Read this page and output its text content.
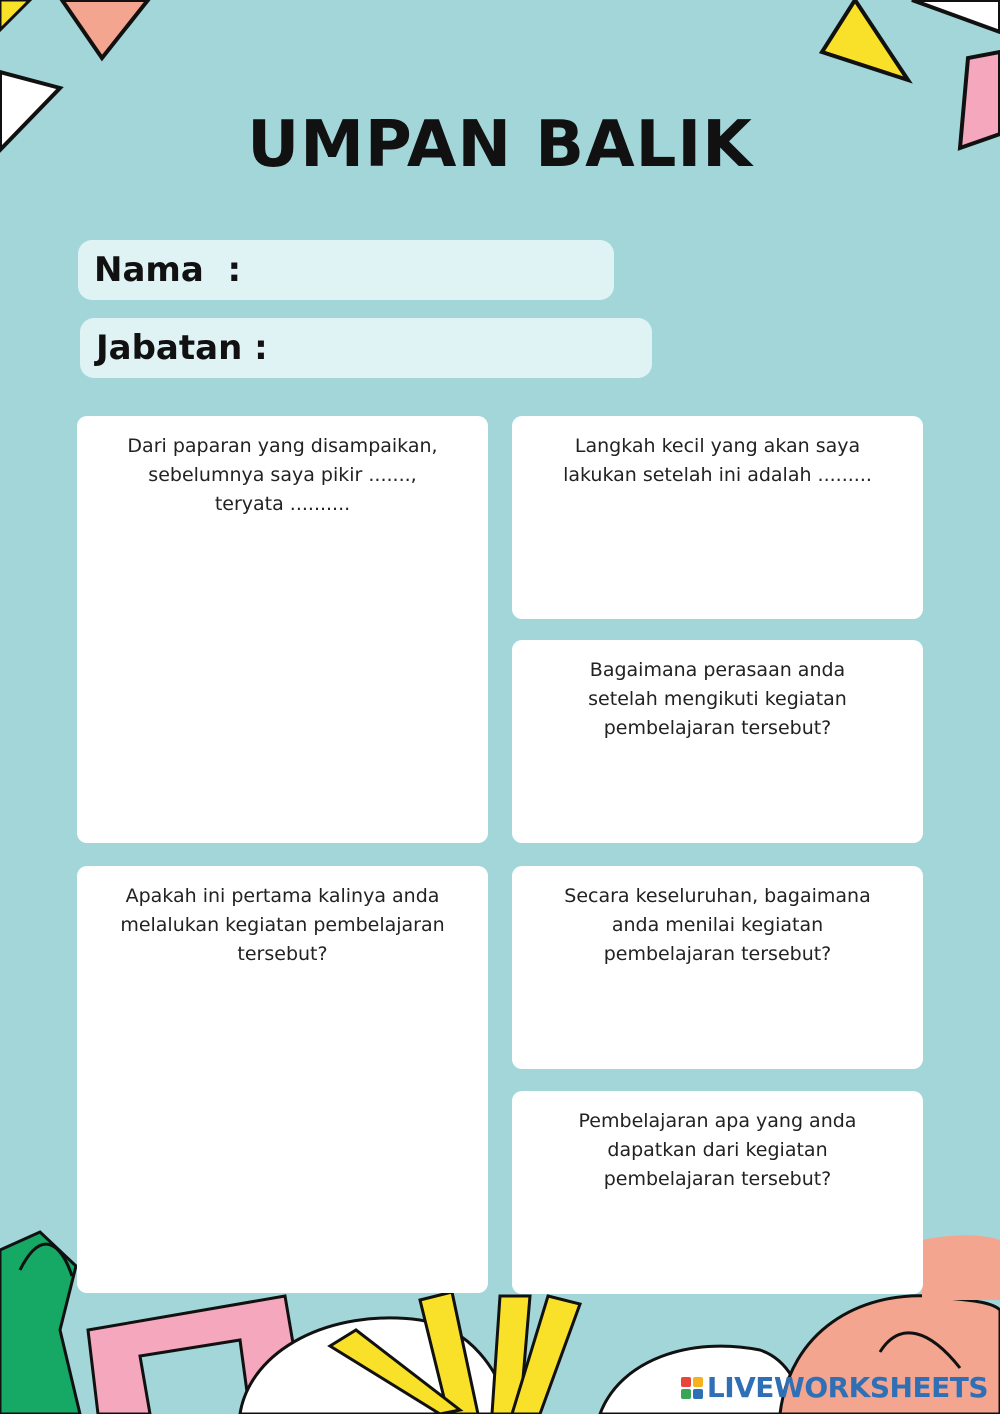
UMPAN BALIK
Nama  :
Jabatan :

Dari paparan yang disampaikan, sebelumnya saya pikir ......., teryata ..........

Langkah kecil yang akan saya lakukan setelah ini adalah .........

Bagaimana perasaan anda setelah mengikuti kegiatan pembelajaran tersebut?

Apakah ini pertama kalinya anda melalukan kegiatan pembelajaran tersebut?

Secara keseluruhan, bagaimana anda menilai kegiatan pembelajaran tersebut?

Pembelajaran apa yang anda dapatkan dari kegiatan pembelajaran tersebut?

LIVEWORKSHEETS
